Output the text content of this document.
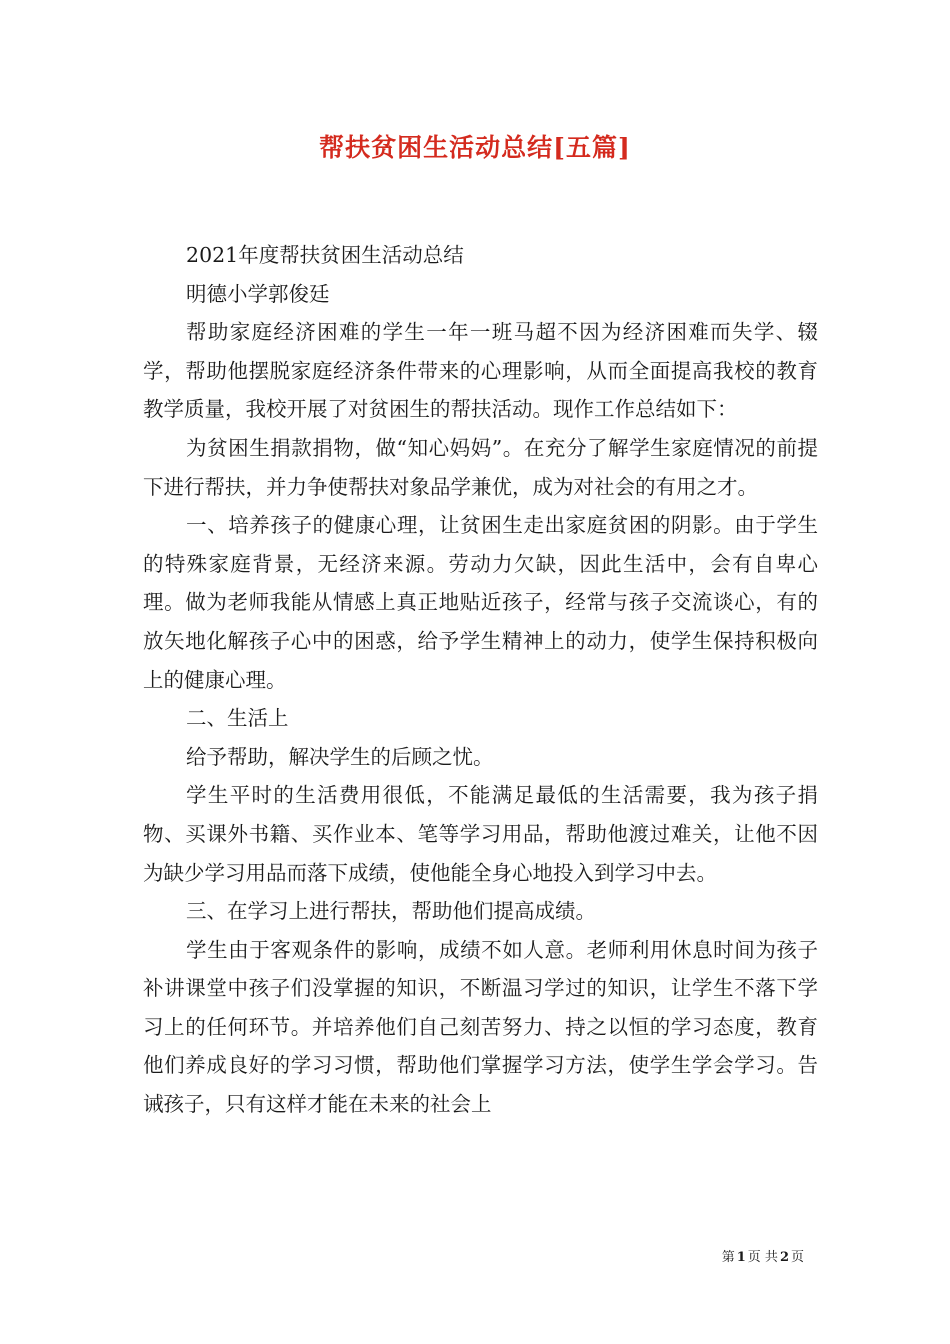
帮扶贫困生活动总结[五篇]

2021年度帮扶贫困生活动总结

明德小学郭俊廷

帮助家庭经济困难的学生一年一班马超不因为经济困难而失学、辍学，帮助他摆脱家庭经济条件带来的心理影响，从而全面提高我校的教育教学质量，我校开展了对贫困生的帮扶活动。现作工作总结如下：

为贫困生捐款捐物，做“知心妈妈”。在充分了解学生家庭情况的前提下进行帮扶，并力争使帮扶对象品学兼优，成为对社会的有用之才。

一、培养孩子的健康心理，让贫困生走出家庭贫困的阴影。由于学生的特殊家庭背景，无经济来源。劳动力欠缺，因此生活中，会有自卑心理。做为老师我能从情感上真正地贴近孩子，经常与孩子交流谈心，有的放矢地化解孩子心中的困惑，给予学生精神上的动力，使学生保持积极向上的健康心理。

二、生活上

给予帮助，解决学生的后顾之忧。

学生平时的生活费用很低，不能满足最低的生活需要，我为孩子捐物、买课外书籍、买作业本、笔等学习用品，帮助他渡过难关，让他不因为缺少学习用品而落下成绩，使他能全身心地投入到学习中去。

三、在学习上进行帮扶，帮助他们提高成绩。

学生由于客观条件的影响，成绩不如人意。老师利用休息时间为孩子补讲课堂中孩子们没掌握的知识，不断温习学过的知识，让学生不落下学习上的任何环节。并培养他们自己刻苦努力、持之以恒的学习态度，教育他们养成良好的学习习惯，帮助他们掌握学习方法，使学生学会学习。告诫孩子，只有这样才能在未来的社会上

第 1 页 共 2 页
